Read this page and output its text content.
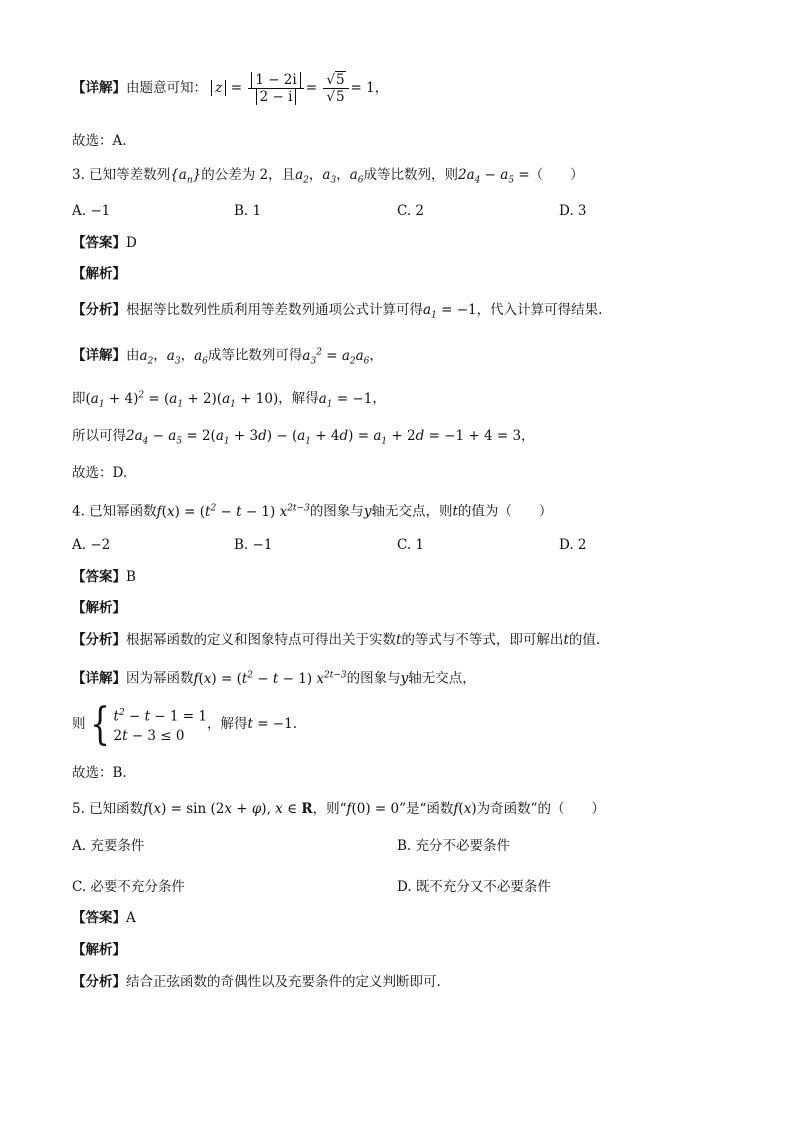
【详解】由题意可知： $z = \frac{1 - 2i}{2 - i} = \frac{√5}{√5} = 1$，
故选：A.
3. 已知等差数列$\{a_n\}$的公差为 2，且$a_2$，$a_3$，$a_6$成等比数列，则$2a_4 - a_5$ =（　　）
A. −1	B. 1	C. 2	D. 3
【答案】D
【解析】
【分析】根据等比数列性质利用等差数列通项公式计算可得$a_1 = -1$，代入计算可得结果.
【详解】由$a_2$，$a_3$，$a_6$成等比数列可得$a_3^2 = a_2a_6$，
即$(a_1 + 4)^2 = (a_1 + 2)(a_1 + 10)$，解得$a_1 = -1$，
所以可得$2a_4 - a_5 = 2(a_1 + 3d) - (a_1 + 4d) = a_1 + 2d = -1 + 4 = 3$，
故选：D.
4. 已知幂函数$f(x) = (t^2 - t - 1)$ $x^{2t-3}$的图象与y轴无交点，则t的值为（　　）
A. −2	B. −1	C. 1	D. 2
【答案】B
【解析】
【分析】根据幂函数的定义和图象特点可得出关于实数t的等式与不等式，即可解出t的值.
【详解】因为幂函数$f(x) = (t^2 - t - 1)$ $x^{2t-3}$的图象与y轴无交点，
则{ $t^2 - t - 1 = 1$
2t − 3 ≤ 0
，解得t = −1.
故选：B.
5. 已知函数f(x) = sin (2x + φ), x ∈ R，则“f(0) = 0”是“函数f(x)为奇函数”的（　　）
A. 充要条件	B. 充分不必要条件
C. 必要不充分条件	D. 既不充分又不必要条件
【答案】A
【解析】
【分析】结合正弦函数的奇偶性以及充要条件的定义判断即可.
